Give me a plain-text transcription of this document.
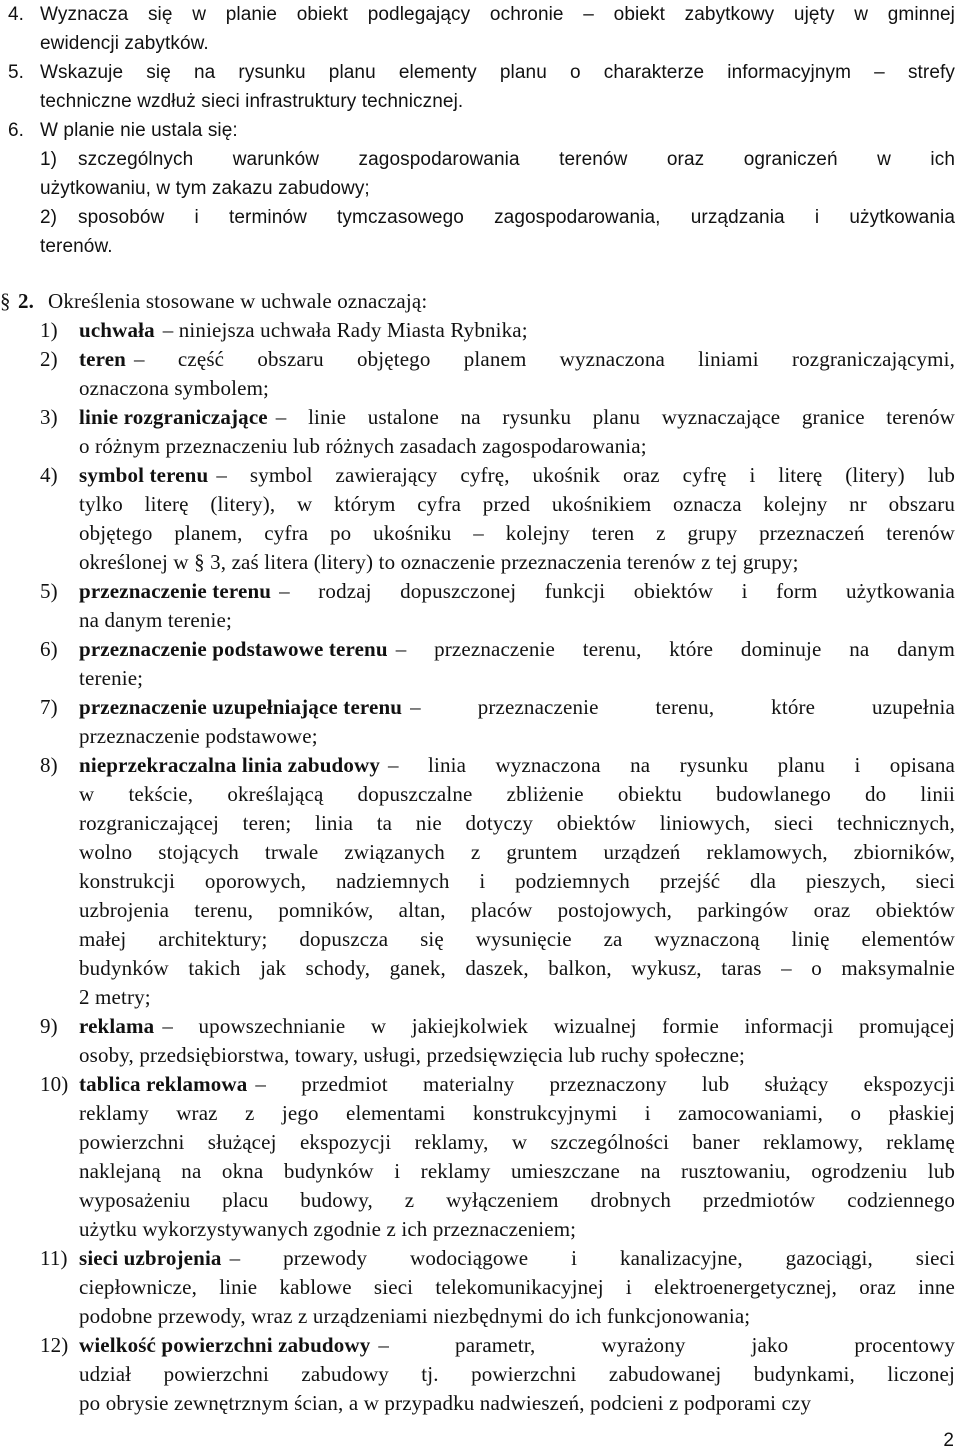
4. Wyznacza się w planie obiekt podlegający ochronie – obiekt zabytkowy ujęty w gminnej
ewidencji zabytków.
5. Wskazuje się na rysunku planu elementy planu o charakterze informacyjnym – strefy
techniczne wzdłuż sieci infrastruktury technicznej.
6. W planie nie ustala się:
1) szczególnych warunków zagospodarowania terenów oraz ograniczeń w ich
użytkowaniu, w tym zakazu zabudowy;
2) sposobów i terminów tymczasowego zagospodarowania, urządzania i użytkowania
terenów.
§ 2. Określenia stosowane w uchwale oznaczają:
1) uchwała – niniejsza uchwała Rady Miasta Rybnika;
2) teren – część obszaru objętego planem wyznaczona liniami rozgraniczającymi,
oznaczona symbolem;
3) linie rozgraniczające – linie ustalone na rysunku planu wyznaczające granice terenów
o różnym przeznaczeniu lub różnych zasadach zagospodarowania;
4) symbol terenu – symbol zawierający cyfrę, ukośnik oraz cyfrę i literę (litery) lub
tylko literę (litery), w którym cyfra przed ukośnikiem oznacza kolejny nr obszaru
objętego planem, cyfra po ukośniku – kolejny teren z grupy przeznaczeń terenów
określonej w § 3, zaś litera (litery) to oznaczenie przeznaczenia terenów z tej grupy;
5) przeznaczenie terenu – rodzaj dopuszczonej funkcji obiektów i form użytkowania
na danym terenie;
6) przeznaczenie podstawowe terenu – przeznaczenie terenu, które dominuje na danym
terenie;
7) przeznaczenie uzupełniające terenu – przeznaczenie terenu, które uzupełnia
przeznaczenie podstawowe;
8) nieprzekraczalna linia zabudowy – linia wyznaczona na rysunku planu i opisana
w tekście, określającą dopuszczalne zbliżenie obiektu budowlanego do linii
rozgraniczającej teren; linia ta nie dotyczy obiektów liniowych, sieci technicznych,
wolno stojących trwale związanych z gruntem urządzeń reklamowych, zbiorników,
konstrukcji oporowych, nadziemnych i podziemnych przejść dla pieszych, sieci
uzbrojenia terenu, pomników, altan, placów postojowych, parkingów oraz obiektów
małej architektury; dopuszcza się wysunięcie za wyznaczoną linię elementów
budynków takich jak schody, ganek, daszek, balkon, wykusz, taras – o maksymalnie
2 metry;
9) reklama – upowszechnianie w jakiejkolwiek wizualnej formie informacji promującej
osoby, przedsiębiorstwa, towary, usługi, przedsięwzięcia lub ruchy społeczne;
10) tablica reklamowa – przedmiot materialny przeznaczony lub służący ekspozycji
reklamy wraz z jego elementami konstrukcyjnymi i zamocowaniami, o płaskiej
powierzchni służącej ekspozycji reklamy, w szczególności baner reklamowy, reklamę
naklejaną na okna budynków i reklamy umieszczane na rusztowaniu, ogrodzeniu lub
wyposażeniu placu budowy, z wyłączeniem drobnych przedmiotów codziennego
użytku wykorzystywanych zgodnie z ich przeznaczeniem;
11) sieci uzbrojenia – przewody wodociągowe i kanalizacyjne, gazociągi, sieci
ciepłownicze, linie kablowe sieci telekomunikacyjnej i elektroenergetycznej, oraz inne
podobne przewody, wraz z urządzeniami niezbędnymi do ich funkcjonowania;
12) wielkość powierzchni zabudowy – parametr, wyrażony jako procentowy
udział powierzchni zabudowy tj. powierzchni zabudowanej budynkami, liczonej
po obrysie zewnętrznym ścian, a w przypadku nadwieszeń, podcieni z podporami czy
2
